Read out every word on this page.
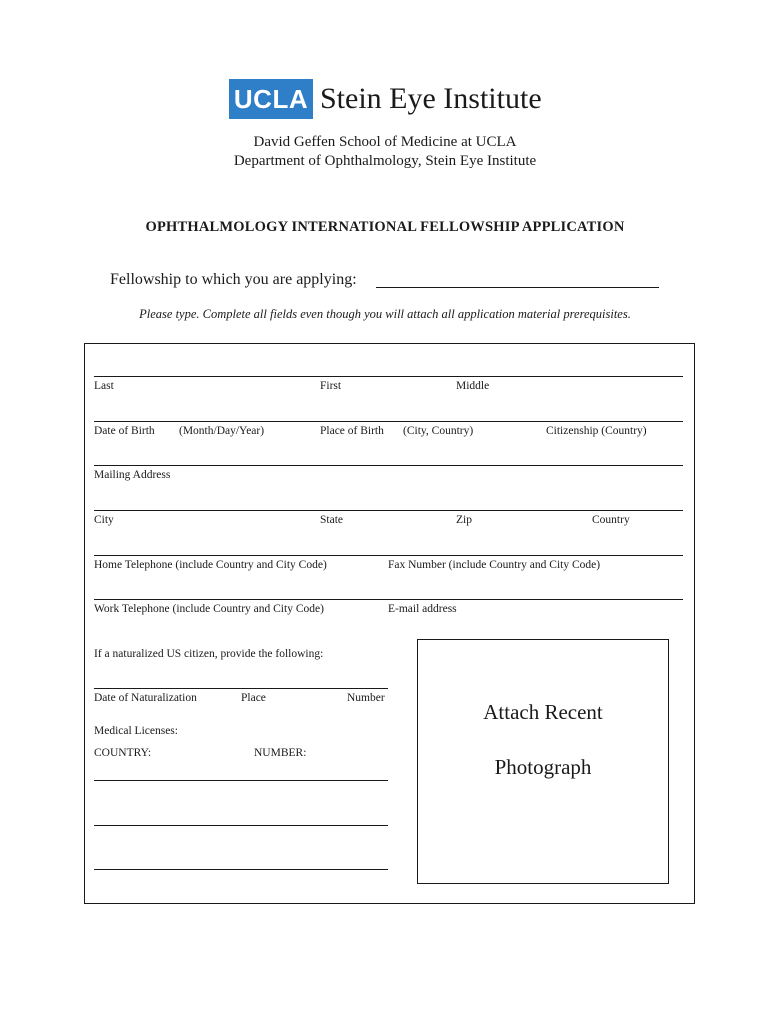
UCLA Stein Eye Institute
David Geffen School of Medicine at UCLA
Department of Ophthalmology, Stein Eye Institute
OPHTHALMOLOGY INTERNATIONAL FELLOWSHIP APPLICATION
Fellowship to which you are applying:
Please type. Complete all fields even though you will attach all application material prerequisites.
Last	First	Middle
Date of Birth (Month/Day/Year)	Place of Birth (City, Country)	Citizenship (Country)
Mailing Address
City	State	Zip	Country
Home Telephone (include Country and City Code)	Fax Number (include Country and City Code)
Work Telephone (include Country and City Code)	E-mail address
If a naturalized US citizen, provide the following:
Date of Naturalization	Place	Number
Medical Licenses:
COUNTRY:	NUMBER:
Attach Recent
Photograph
